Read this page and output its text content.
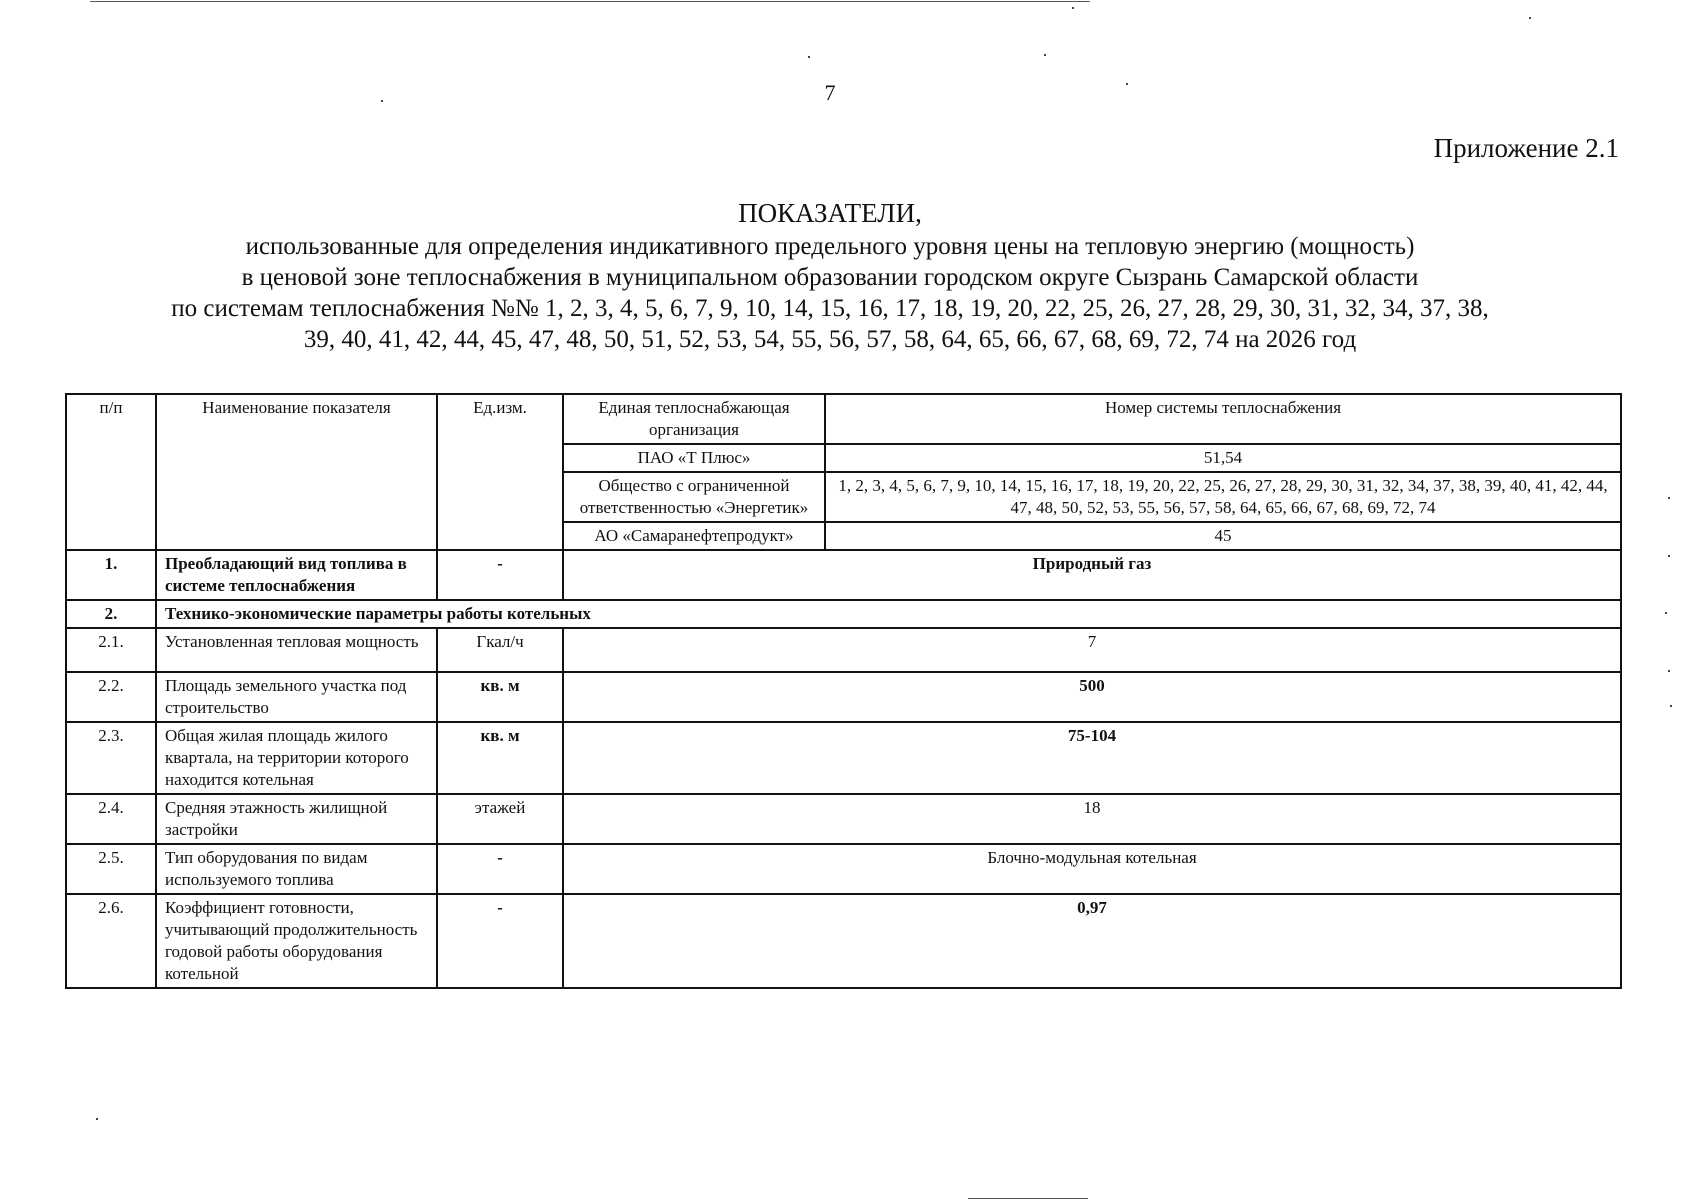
7
Приложение 2.1
ПОКАЗАТЕЛИ,
использованные для определения индикативного предельного уровня цены на тепловую энергию (мощность)
в ценовой зоне теплоснабжения в муниципальном образовании городском округе Сызрань Самарской области
по системам теплоснабжения №№ 1, 2, 3, 4, 5, 6, 7, 9, 10, 14, 15, 16, 17, 18, 19, 20, 22, 25, 26, 27, 28, 29, 30, 31, 32, 34, 37, 38,
39, 40, 41, 42, 44, 45, 47, 48, 50, 51, 52, 53, 54, 55, 56, 57, 58, 64, 65, 66, 67, 68, 69, 72, 74 на 2026 год
п/п	Наименование показателя	Ед.изм.	Единая теплоснабжающая организация	Номер системы теплоснабжения
			ПАО «Т Плюс»	51,54
			Общество с ограниченной ответственностью «Энергетик»	1, 2, 3, 4, 5, 6, 7, 9, 10, 14, 15, 16, 17, 18, 19, 20, 22, 25, 26, 27, 28, 29, 30, 31, 32, 34, 37, 38, 39, 40, 41, 42, 44, 47, 48, 50, 52, 53, 55, 56, 57, 58, 64, 65, 66, 67, 68, 69, 72, 74
			АО «Самаранефтепродукт»	45
1.	Преобладающий вид топлива в системе теплоснабжения	-	Природный газ	
2.	Технико-экономические параметры работы котельных			
2.1.	Установленная тепловая мощность	Гкал/ч	7	
2.2.	Площадь земельного участка под строительство	кв. м	500	
2.3.	Общая жилая площадь жилого квартала, на территории которого находится котельная	кв. м	75-104	
2.4.	Средняя этажность жилищной застройки	этажей	18	
2.5.	Тип оборудования по видам используемого топлива	-	Блочно-модульная котельная	
2.6.	Коэффициент готовности, учитывающий продолжительность годовой работы оборудования котельной	-	0,97	
